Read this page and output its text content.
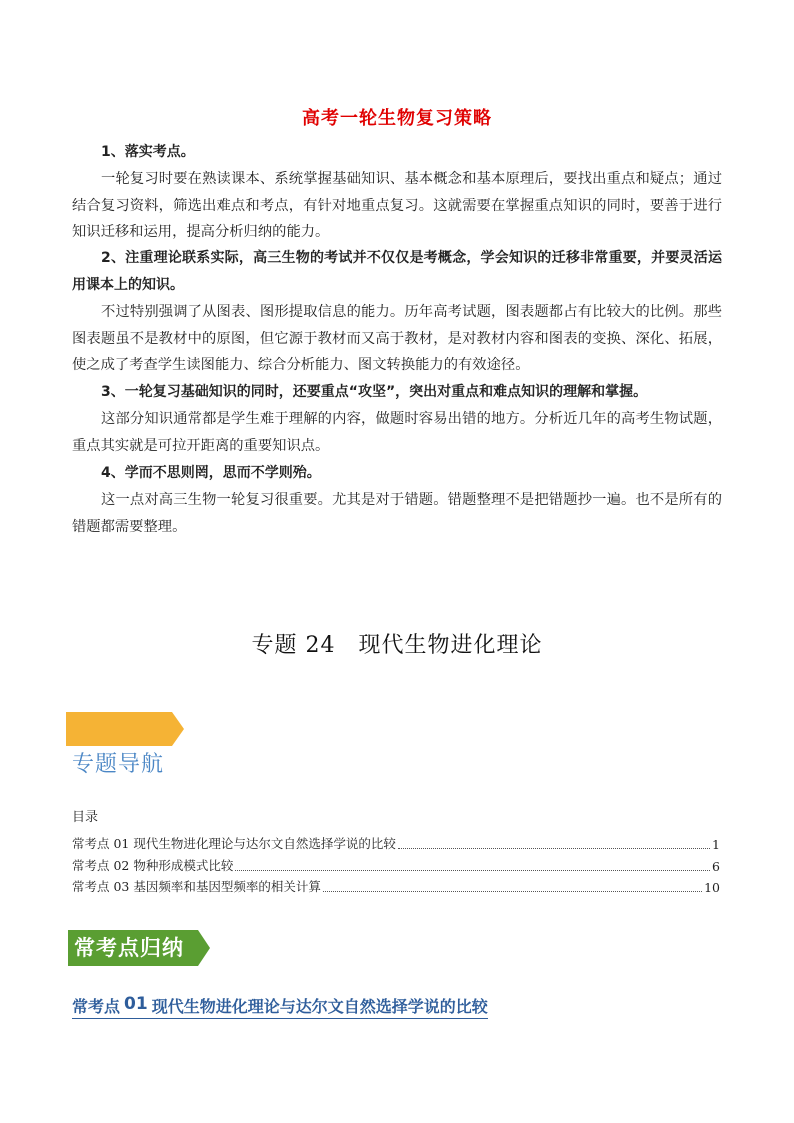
高考一轮生物复习策略

1、落实考点。

一轮复习时要在熟读课本、系统掌握基础知识、基本概念和基本原理后，要找出重点和疑点；通过结合复习资料，筛选出难点和考点，有针对地重点复习。这就需要在掌握重点知识的同时，要善于进行知识迁移和运用，提高分析归纳的能力。

2、注重理论联系实际，高三生物的考试并不仅仅是考概念，学会知识的迁移非常重要，并要灵活运用课本上的知识。

不过特别强调了从图表、图形提取信息的能力。历年高考试题，图表题都占有比较大的比例。那些图表题虽不是教材中的原图，但它源于教材而又高于教材，是对教材内容和图表的变换、深化、拓展，使之成了考查学生读图能力、综合分析能力、图文转换能力的有效途径。

3、一轮复习基础知识的同时，还要重点“攻坚”，突出对重点和难点知识的理解和掌握。

这部分知识通常都是学生难于理解的内容，做题时容易出错的地方。分析近几年的高考生物试题，重点其实就是可拉开距离的重要知识点。

4、学而不思则罔，思而不学则殆。

这一点对高三生物一轮复习很重要。尤其是对于错题。错题整理不是把错题抄一遍。也不是所有的错题都需要整理。

专题 24　现代生物进化理论
专题导航
目录
常考点 01 现代生物进化理论与达尔文自然选择学说的比较	1
常考点 02 物种形成模式比较	6
常考点 03 基因频率和基因型频率的相关计算	10
常考点归纳
常考点 01 现代生物进化理论与达尔文自然选择学说的比较
